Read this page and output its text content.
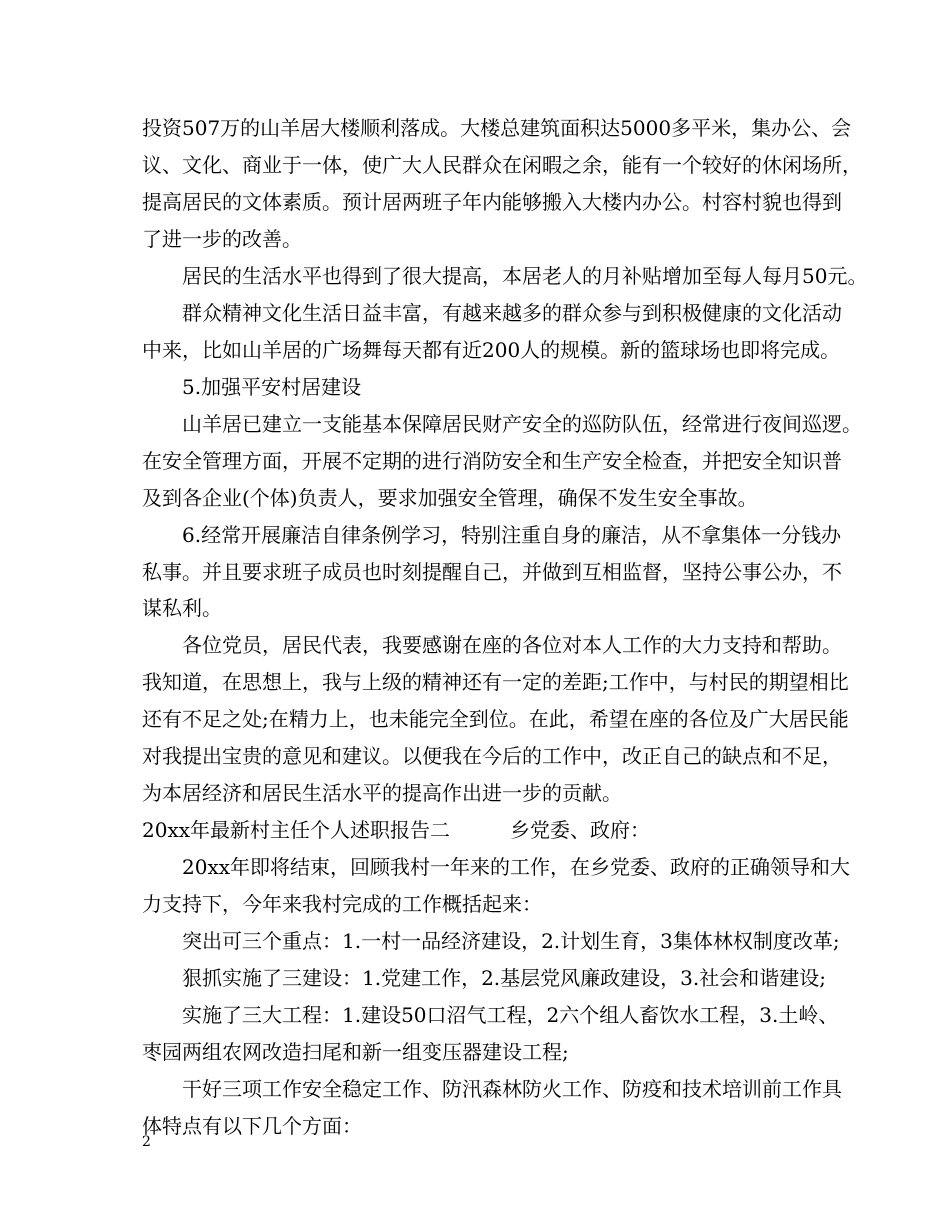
投资507万的山羊居大楼顺利落成。大楼总建筑面积达5000多平米，集办公、会
议、文化、商业于一体，使广大人民群众在闲暇之余，能有一个较好的休闲场所，
提高居民的文体素质。预计居两班子年内能够搬入大楼内办公。村容村貌也得到
了进一步的改善。
居民的生活水平也得到了很大提高，本居老人的月补贴增加至每人每月50元。
群众精神文化生活日益丰富，有越来越多的群众参与到积极健康的文化活动
中来，比如山羊居的广场舞每天都有近200人的规模。新的篮球场也即将完成。
5.加强平安村居建设
山羊居已建立一支能基本保障居民财产安全的巡防队伍，经常进行夜间巡逻。
在安全管理方面，开展不定期的进行消防安全和生产安全检查，并把安全知识普
及到各企业(个体)负责人，要求加强安全管理，确保不发生安全事故。
6.经常开展廉洁自律条例学习，特别注重自身的廉洁，从不拿集体一分钱办
私事。并且要求班子成员也时刻提醒自己，并做到互相监督，坚持公事公办，不
谋私利。
各位党员，居民代表，我要感谢在座的各位对本人工作的大力支持和帮助。
我知道，在思想上，我与上级的精神还有一定的差距;工作中，与村民的期望相比
还有不足之处;在精力上，也未能完全到位。在此，希望在座的各位及广大居民能
对我提出宝贵的意见和建议。以便我在今后的工作中，改正自己的缺点和不足，
为本居经济和居民生活水平的提高作出进一步的贡献。
20xx年最新村主任个人述职报告二　　　乡党委、政府：
20xx年即将结束，回顾我村一年来的工作，在乡党委、政府的正确领导和大
力支持下，今年来我村完成的工作概括起来：
突出可三个重点：1.一村一品经济建设，2.计划生育，3集体林权制度改革;
狠抓实施了三建设：1.党建工作，2.基层党风廉政建设，3.社会和谐建设;
实施了三大工程：1.建设50口沼气工程，2六个组人畜饮水工程，3.土岭、
枣园两组农网改造扫尾和新一组变压器建设工程;
干好三项工作安全稳定工作、防汛森林防火工作、防疫和技术培训前工作具
体特点有以下几个方面：
2
